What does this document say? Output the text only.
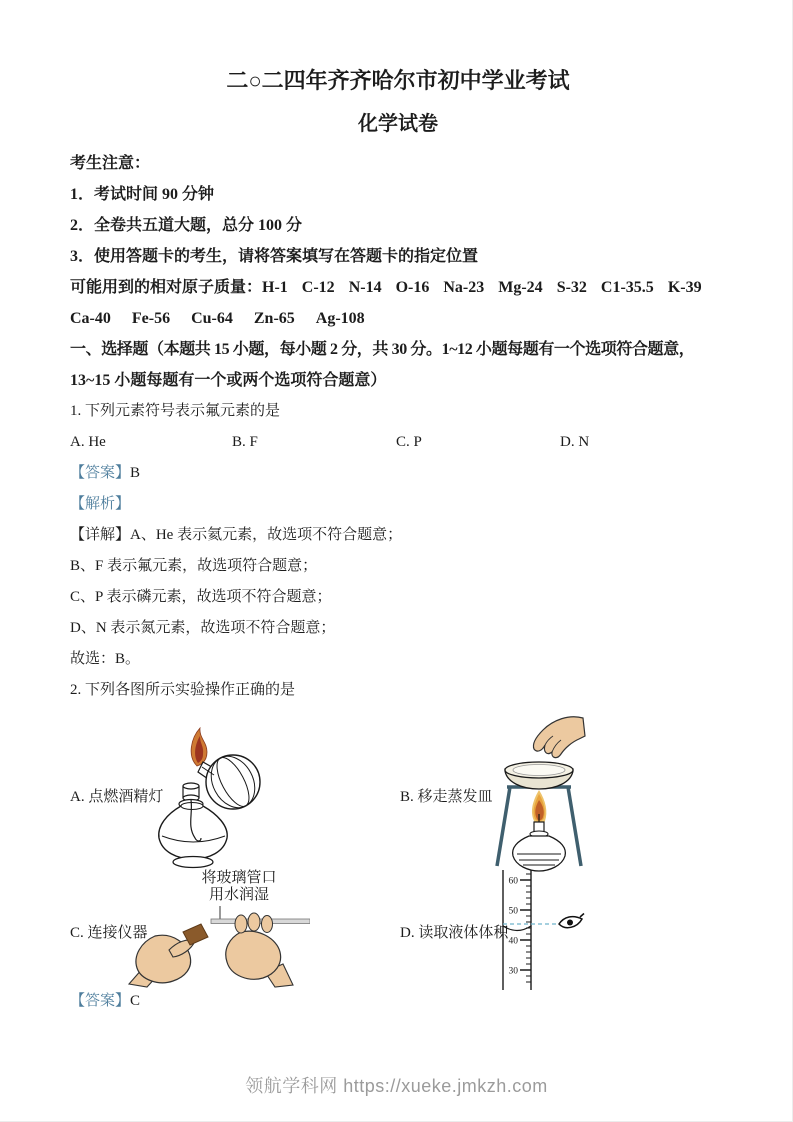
二○二四年齐齐哈尔市初中学业考试
化学试卷
考生注意：
1．考试时间 90 分钟
2．全卷共五道大题，总分 100 分
3．使用答题卡的考生，请将答案填写在答题卡的指定位置
可能用到的相对原子质量：H-1 C-12 N-14 O-16 Na-23 Mg-24 S-32 C1-35.5 K-39
Ca-40 Fe-56 Cu-64 Zn-65 Ag-108
一、选择题（本题共 15 小题，每小题 2 分，共 30 分。1~12 小题每题有一个选项符合题意，
13~15 小题每题有一个或两个选项符合题意）
1. 下列元素符号表示氟元素的是
A. He	B. F	C. P	D. N
【答案】B
【解析】
【详解】A、He 表示氦元素，故选项不符合题意；
B、F 表示氟元素，故选项符合题意；
C、P 表示磷元素，故选项不符合题意；
D、N 表示氮元素，故选项不符合题意；
故选：B。
2. 下列各图所示实验操作正确的是
A. 点燃酒精灯	B. 移走蒸发皿
C. 连接仪器
将玻璃管口
用水润湿
D. 读取液体体积
60
50
40
30
【答案】C
领航学科网 https://xueke.jmkzh.com
